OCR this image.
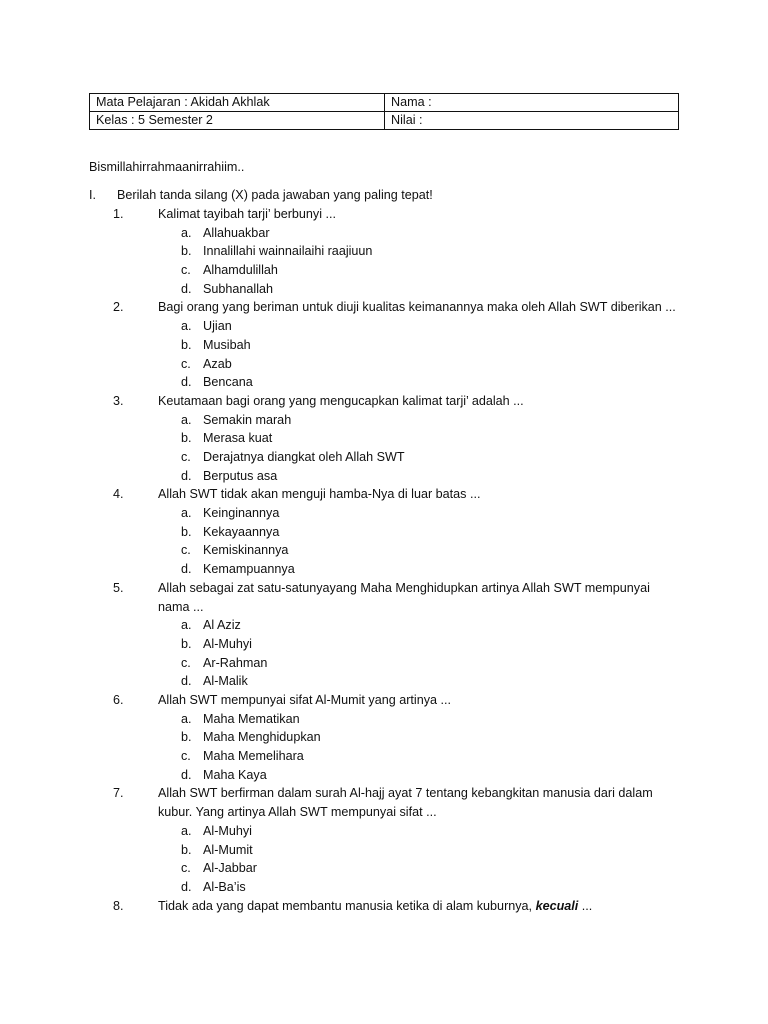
Mata Pelajaran : Akidah Akhlak	Nama :
Kelas : 5 Semester 2	Nilai :
Bismillahirrahmaanirrahiim..
I. Berilah tanda silang (X) pada jawaban yang paling tepat!
1.	Kalimat tayibah tarji’ berbunyi ...
a. Allahuakbar
b. Innalillahi wainnailaihi raajiuun
c. Alhamdulillah
d. Subhanallah
2.	Bagi orang yang beriman untuk diuji kualitas keimanannya maka oleh Allah SWT diberikan ...
a. Ujian
b. Musibah
c. Azab
d. Bencana
3.	Keutamaan bagi orang yang mengucapkan kalimat tarji’ adalah ...
a. Semakin marah
b. Merasa kuat
c. Derajatnya diangkat oleh Allah SWT
d. Berputus asa
4.	Allah SWT tidak akan menguji hamba-Nya di luar batas ...
a. Keinginannya
b. Kekayaannya
c. Kemiskinannya
d. Kemampuannya
5.	Allah sebagai zat satu-satunyayang Maha Menghidupkan artinya Allah SWT mempunyai nama ...
a. Al Aziz
b. Al-Muhyi
c. Ar-Rahman
d. Al-Malik
6.	Allah SWT mempunyai sifat Al-Mumit yang artinya ...
a. Maha Mematikan
b. Maha Menghidupkan
c. Maha Memelihara
d. Maha Kaya
7.	Allah SWT berfirman dalam surah Al-hajj ayat 7 tentang kebangkitan manusia dari dalam kubur. Yang artinya Allah SWT mempunyai sifat ...
a. Al-Muhyi
b. Al-Mumit
c. Al-Jabbar
d. Al-Ba’is
8.	Tidak ada yang dapat membantu manusia ketika di alam kuburnya, kecuali ...
